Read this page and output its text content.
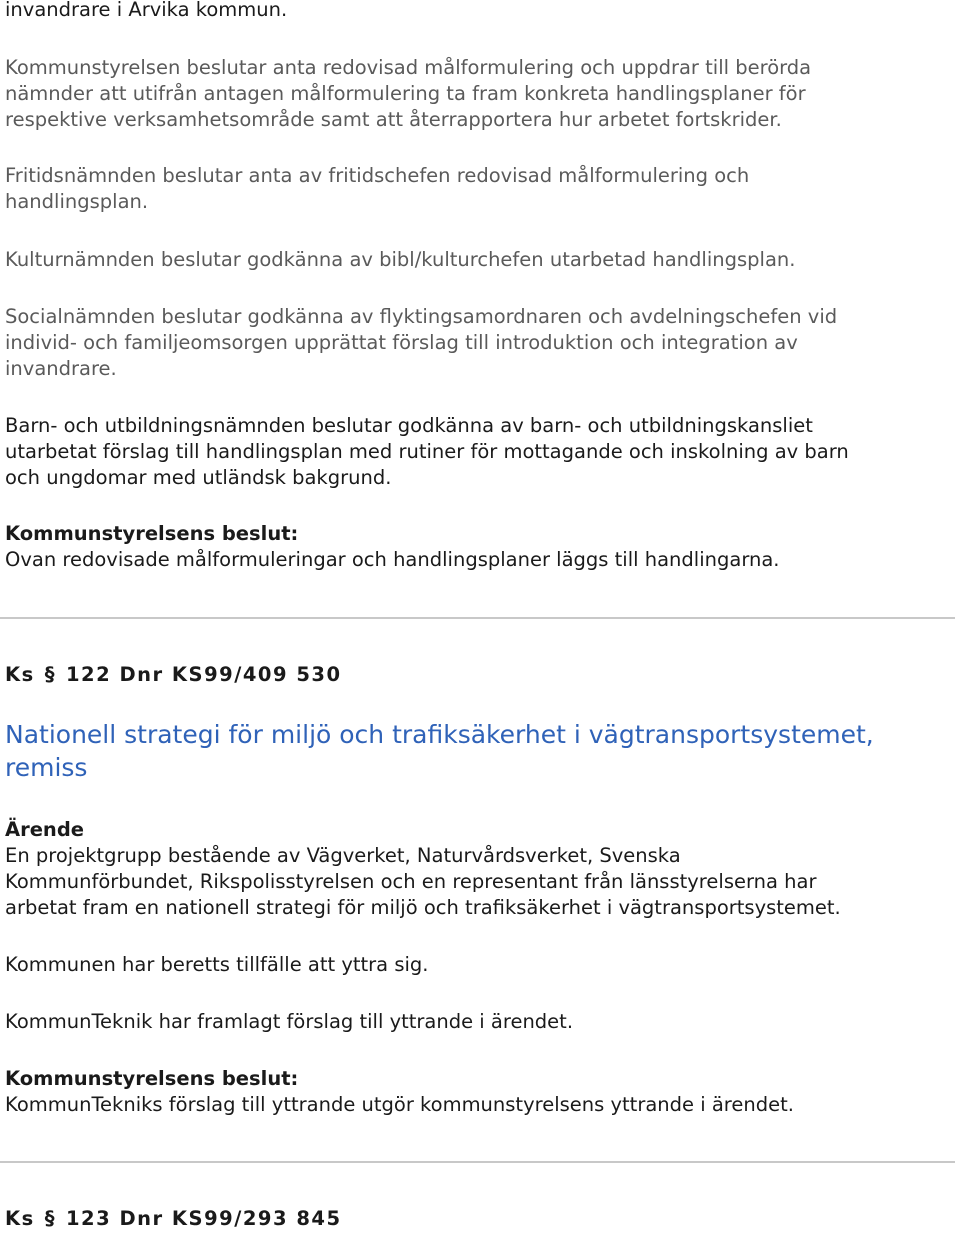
invandrare i Arvika kommun.

Kommunstyrelsen beslutar anta redovisad målformulering och uppdrar till berörda

nämnder att utifrån antagen målformulering ta fram konkreta handlingsplaner för

respektive verksamhetsområde samt att återrapportera hur arbetet fortskrider.

Fritidsnämnden beslutar anta av fritidschefen redovisad målformulering och

handlingsplan.

Kulturnämnden beslutar godkänna av bibl/kulturchefen utarbetad handlingsplan.

Socialnämnden beslutar godkänna av flyktingsamordnaren och avdelningschefen vid

individ- och familjeomsorgen upprättat förslag till introduktion och integration av

invandrare.

Barn- och utbildningsnämnden beslutar godkänna av barn- och utbildningskansliet

utarbetat förslag till handlingsplan med rutiner för mottagande och inskolning av barn

och ungdomar med utländsk bakgrund.

Kommunstyrelsens beslut:

Ovan redovisade målformuleringar och handlingsplaner läggs till handlingarna.

Ks § 122 Dnr KS99/409 530

Nationell strategi för miljö och trafiksäkerhet i vägtransportsystemet,

remiss

Ärende

En projektgrupp bestående av Vägverket, Naturvårdsverket, Svenska

Kommunförbundet, Rikspolisstyrelsen och en representant från länsstyrelserna har

arbetat fram en nationell strategi för miljö och trafiksäkerhet i vägtransportsystemet.

Kommunen har beretts tillfälle att yttra sig.

KommunTeknik har framlagt förslag till yttrande i ärendet.

Kommunstyrelsens beslut:

KommunTekniks förslag till yttrande utgör kommunstyrelsens yttrande i ärendet.

Ks § 123 Dnr KS99/293 845
